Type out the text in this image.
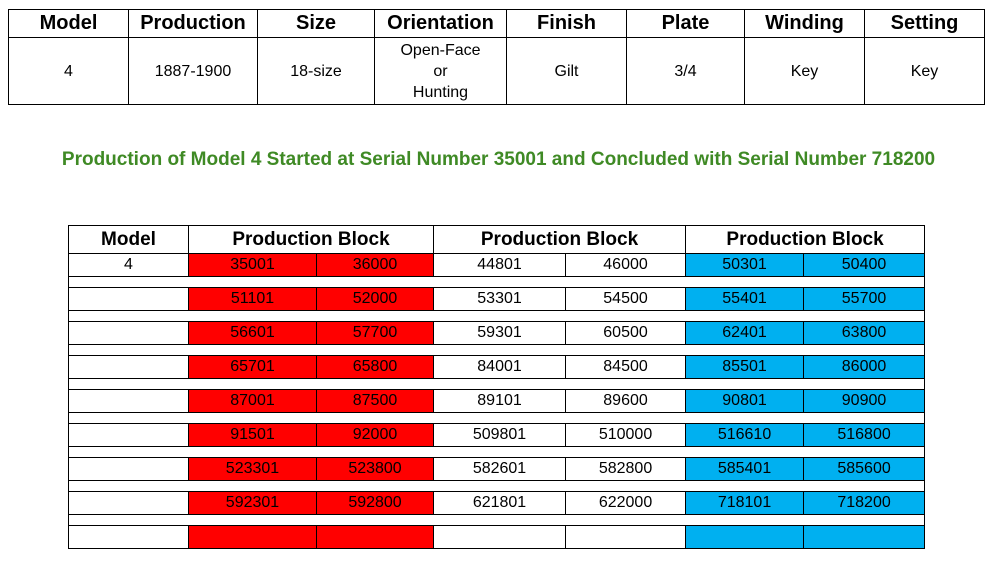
Model	Production	Size	Orientation	Finish	Plate	Winding	Setting
4	1887-1900	18-size	Open-Face
or
Hunting	Gilt	3/4	Key	Key
Production of Model 4 Started at Serial Number 35001 and Concluded with Serial Number 718200
Model	Production Block		Production Block		Production Block	
4	35001	36000	44801	46000	50301	50400

	51101	52000	53301	54500	55401	55700

	56601	57700	59301	60500	62401	63800

	65701	65800	84001	84500	85501	86000

	87001	87500	89101	89600	90801	90900

	91501	92000	509801	510000	516610	516800

	523301	523800	582601	582800	585401	585600

	592301	592800	621801	622000	718101	718200
